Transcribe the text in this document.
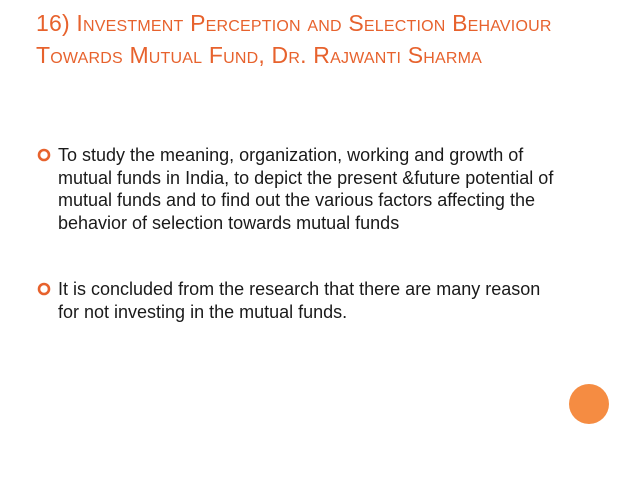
16) Investment Perception and Selection Behaviour Towards Mutual Fund, Dr. Rajwanti Sharma
To study the meaning, organization, working and growth of mutual funds in India, to depict the present &future potential of mutual funds and to find out the various factors affecting the behavior of selection towards mutual funds
It is concluded from the research that there are many reason for not investing in the mutual funds.
